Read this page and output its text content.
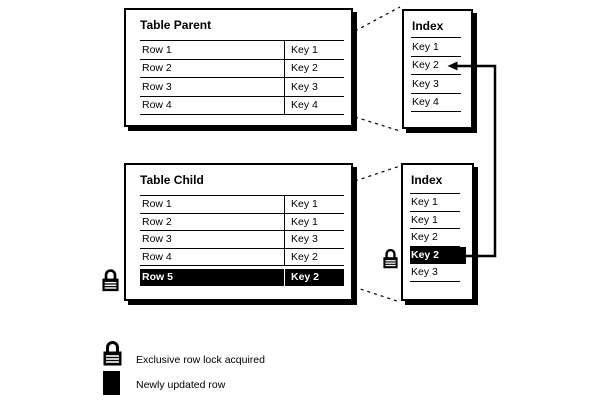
Table Parent
Row 1	Key 1
Row 2	Key 2
Row 3	Key 3
Row 4	Key 4
Index
Key 1
Key 2
Key 3
Key 4
Table Child
Row 1	Key 1
Row 2	Key 1
Row 3	Key 3
Row 4	Key 2
Row 5	Key 2
Index
Key 1
Key 1
Key 2
Key 2
Key 3
Exclusive row lock acquired
Newly updated row
